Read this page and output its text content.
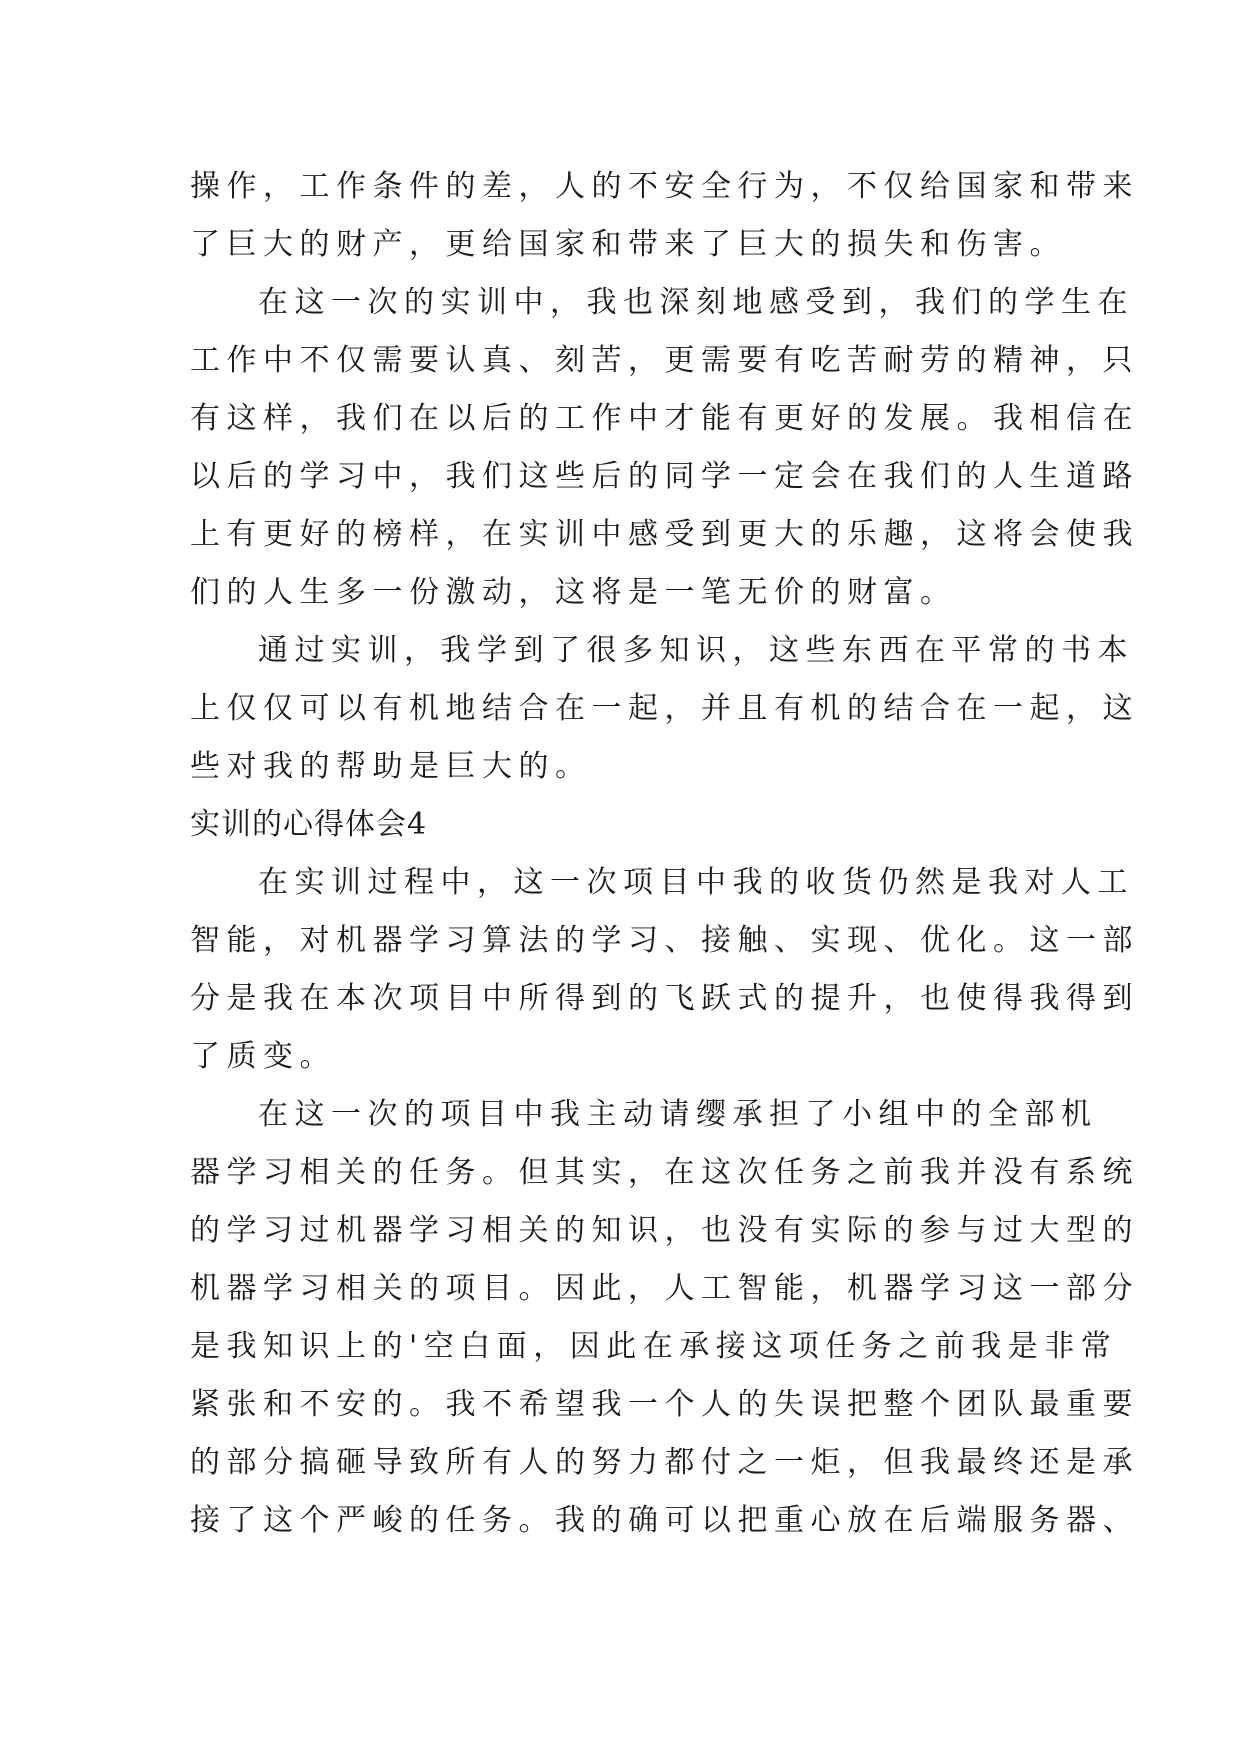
操作，工作条件的差，人的不安全行为，不仅给国家和带来
了巨大的财产，更给国家和带来了巨大的损失和伤害。
在这一次的实训中，我也深刻地感受到，我们的学生在
工作中不仅需要认真、刻苦，更需要有吃苦耐劳的精神，只
有这样，我们在以后的工作中才能有更好的发展。我相信在
以后的学习中，我们这些后的同学一定会在我们的人生道路
上有更好的榜样，在实训中感受到更大的乐趣，这将会使我
们的人生多一份激动，这将是一笔无价的财富。
通过实训，我学到了很多知识，这些东西在平常的书本
上仅仅可以有机地结合在一起，并且有机的结合在一起，这
些对我的帮助是巨大的。
实训的心得体会4
在实训过程中，这一次项目中我的收货仍然是我对人工
智能，对机器学习算法的学习、接触、实现、优化。这一部
分是我在本次项目中所得到的飞跃式的提升，也使得我得到
了质变。
在这一次的项目中我主动请缨承担了小组中的全部机
器学习相关的任务。但其实，在这次任务之前我并没有系统
的学习过机器学习相关的知识，也没有实际的参与过大型的
机器学习相关的项目。因此，人工智能，机器学习这一部分
是我知识上的'空白面，因此在承接这项任务之前我是非常
紧张和不安的。我不希望我一个人的失误把整个团队最重要
的部分搞砸导致所有人的努力都付之一炬，但我最终还是承
接了这个严峻的任务。我的确可以把重心放在后端服务器、
